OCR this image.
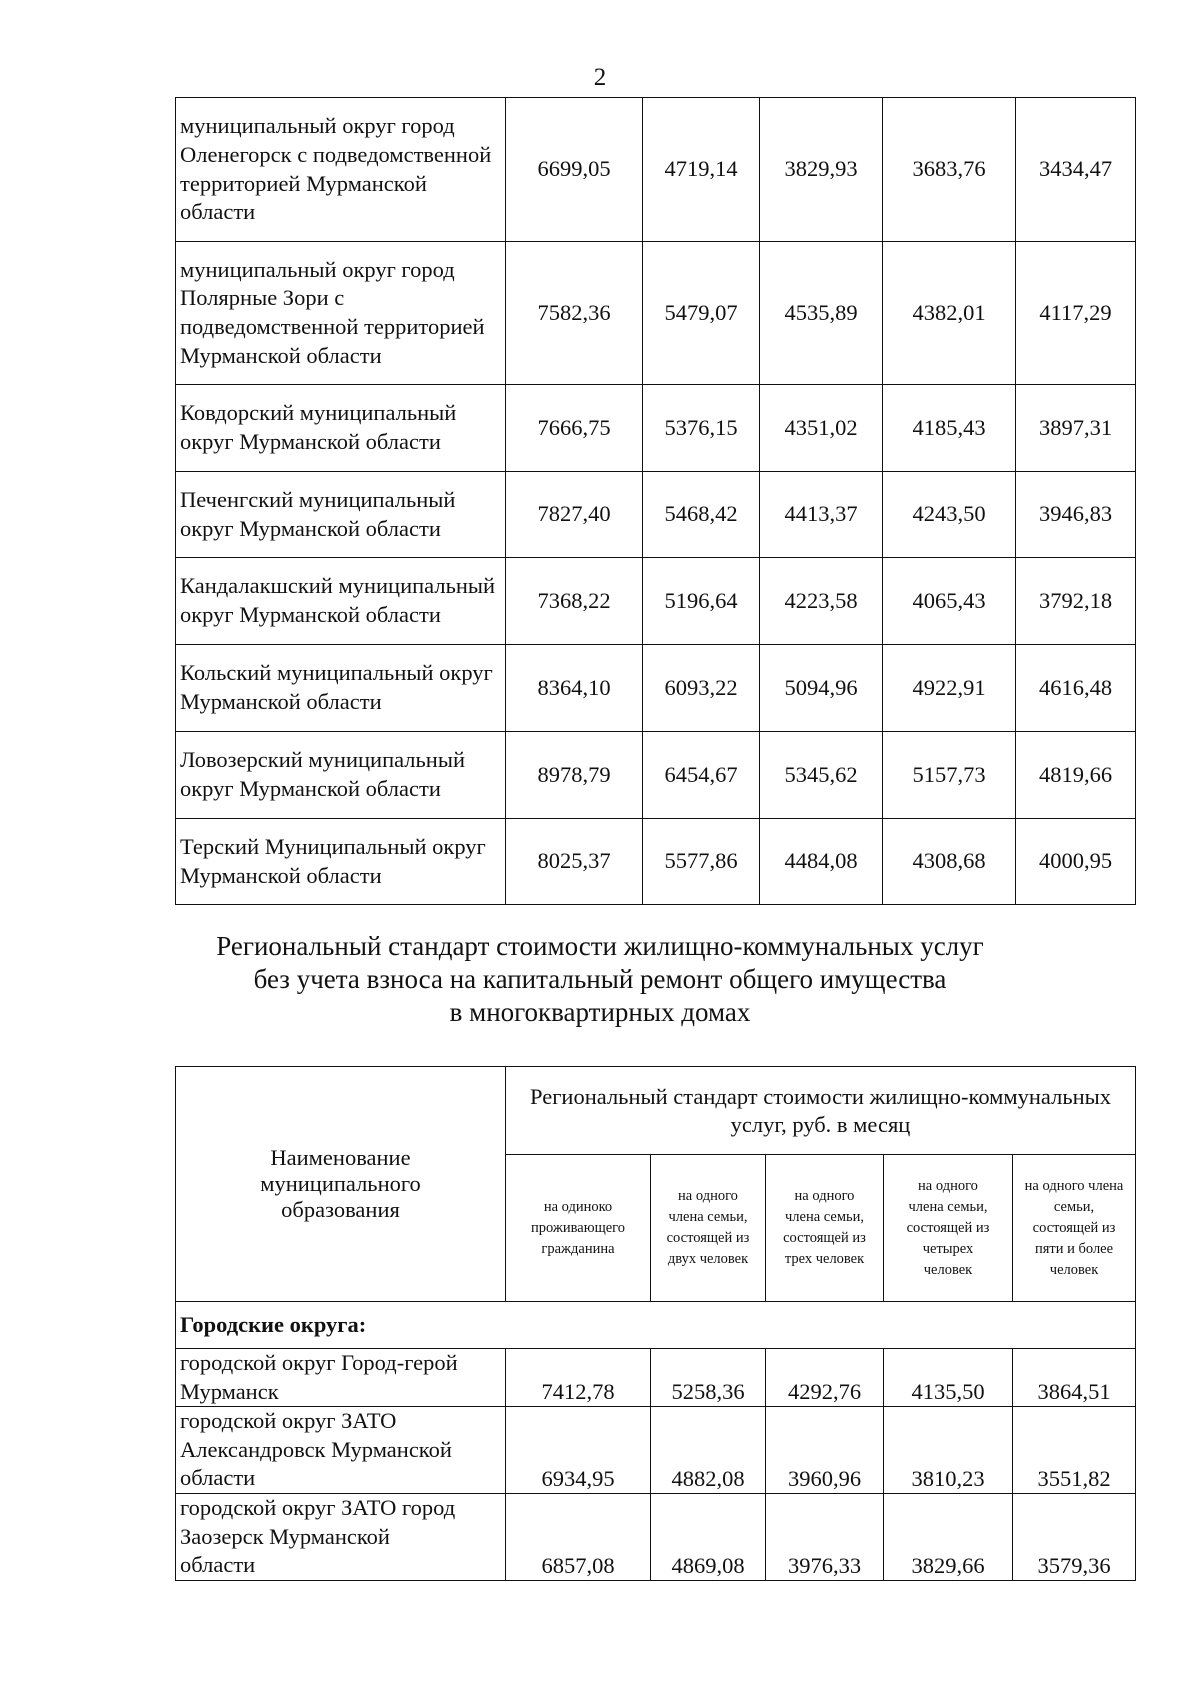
2
муниципальный округ город Оленегорск с подведомственной территорией Мурманской области	6699,05	4719,14	3829,93	3683,76	3434,47
муниципальный округ город Полярные Зори с подведомственной территорией Мурманской области	7582,36	5479,07	4535,89	4382,01	4117,29
Ковдорский муниципальный округ Мурманской области	7666,75	5376,15	4351,02	4185,43	3897,31
Печенгский муниципальный округ Мурманской области	7827,40	5468,42	4413,37	4243,50	3946,83
Кандалакшский муниципальный округ Мурманской области	7368,22	5196,64	4223,58	4065,43	3792,18
Кольский муниципальный округ Мурманской области	8364,10	6093,22	5094,96	4922,91	4616,48
Ловозерский муниципальный округ Мурманской области	8978,79	6454,67	5345,62	5157,73	4819,66
Терский Муниципальный округ Мурманской области	8025,37	5577,86	4484,08	4308,68	4000,95
Региональный стандарт стоимости жилищно-коммунальных услуг
без учета взноса на капитальный ремонт общего имущества
в многоквартирных домах
Наименование муниципального образования	Региональный стандарт стоимости жилищно-коммунальных услуг, руб. в месяц				
	на одиноко проживающего гражданина	на одного члена семьи, состоящей из двух человек	на одного члена семьи, состоящей из трех человек	на одного члена семьи, состоящей из четырех человек	на одного члена семьи, состоящей из пяти и более человек
Городские округа:					
городской округ Город-герой Мурманск	7412,78	5258,36	4292,76	4135,50	3864,51
городской округ ЗАТО Александровск Мурманской области	6934,95	4882,08	3960,96	3810,23	3551,82
городской округ ЗАТО город Заозерск Мурманской области	6857,08	4869,08	3976,33	3829,66	3579,36
